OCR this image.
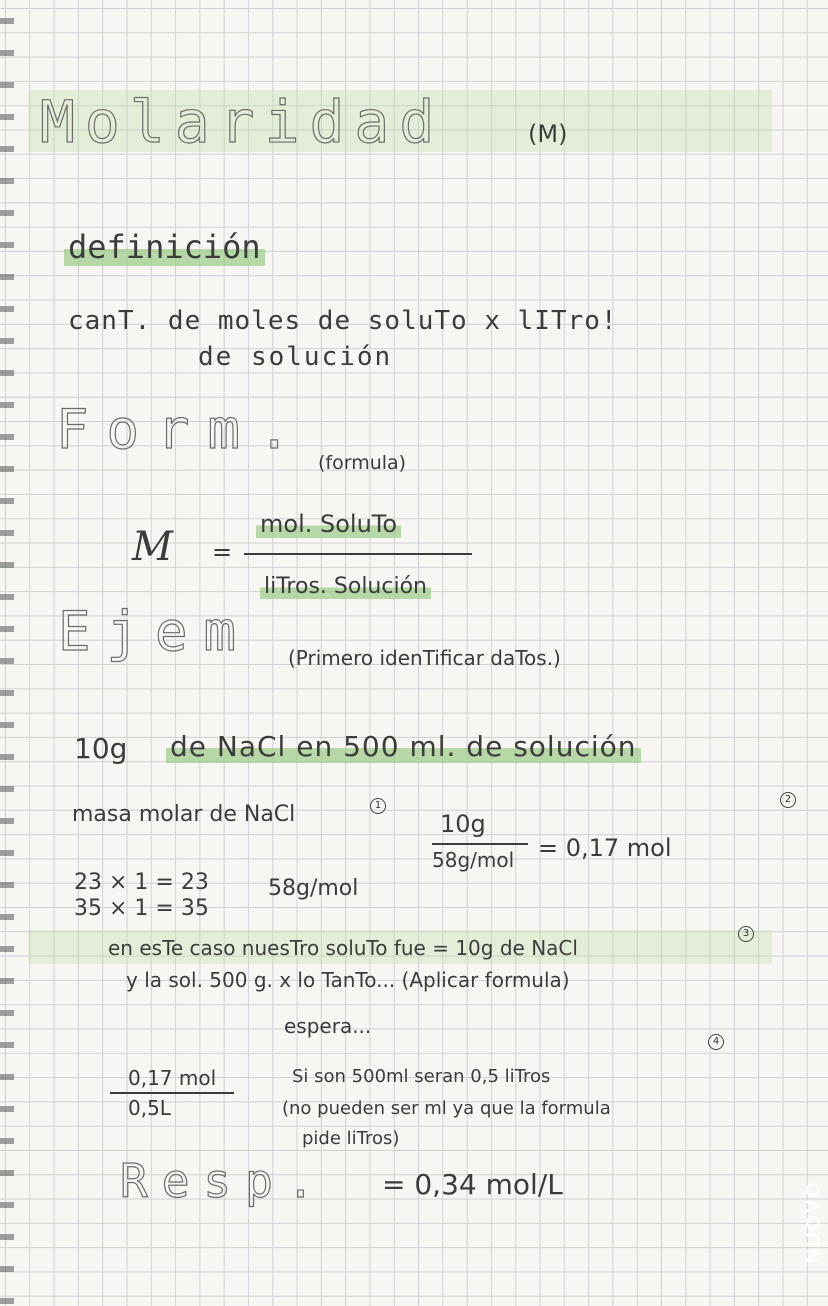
Molaridad	(M)
definición
canT. de moles de soluTo x lITro!
de solución
Form.
(formula)
M =
mol. SoluTo
liTros. Solución
Ejem (Primero idenTificar daTos.)
10g de NaCl en 500 ml. de solución
masa molar de NaCl	1
23 × 1 = 23
35 × 1 = 35
58g/mol
2
10g
58g/mol = 0,17 mol
3
en esTe caso nuesTro soluTo fue = 10g de NaCl
y la sol. 500 g. x lo TanTo... (Aplicar formula)
espera...
4
0,17 mol
0,5L
Si son 500ml seran 0,5 liTros
(no pueden ser ml ya que la formula
pide liTros)
Resp. = 0,34 mol/L	NUOVO
